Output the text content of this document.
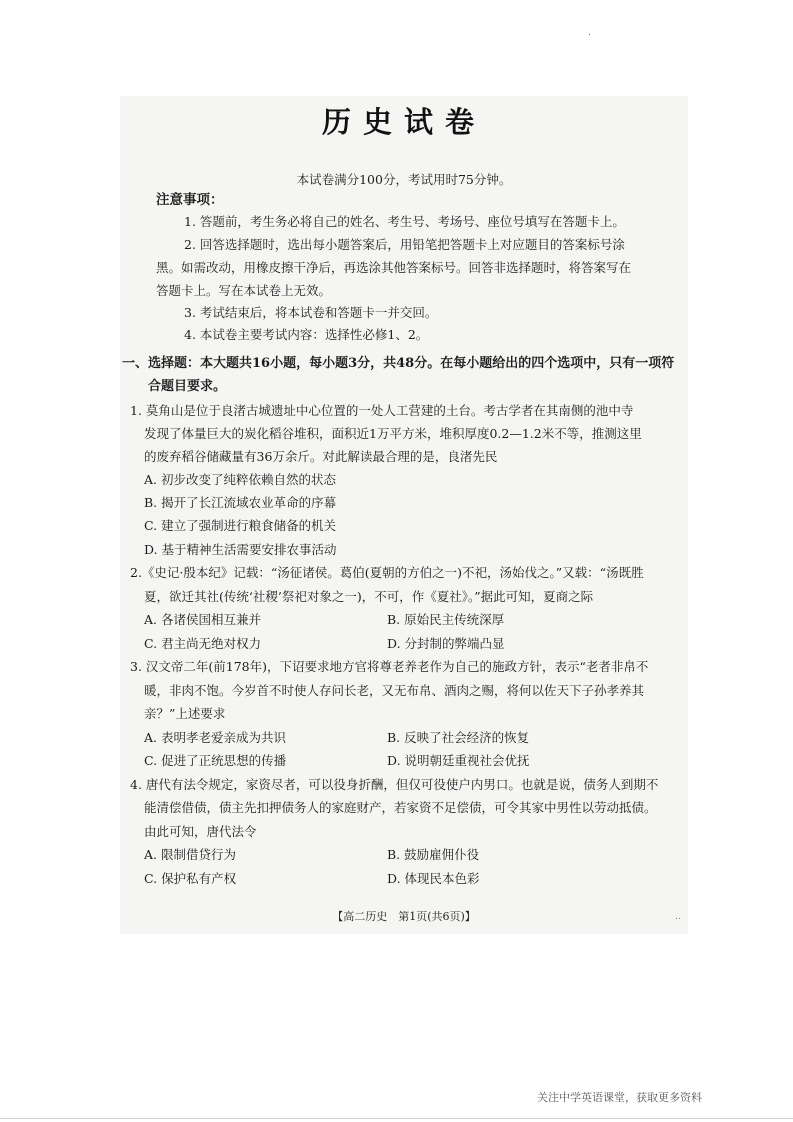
.
历史试卷
本试卷满分100分，考试用时75分钟。
注意事项：
1. 答题前，考生务必将自己的姓名、考生号、考场号、座位号填写在答题卡上。
2. 回答选择题时，选出每小题答案后，用铅笔把答题卡上对应题目的答案标号涂
黑。如需改动，用橡皮擦干净后，再选涂其他答案标号。回答非选择题时，将答案写在
答题卡上。写在本试卷上无效。
3. 考试结束后，将本试卷和答题卡一并交回。
4. 本试卷主要考试内容：选择性必修1、2。
一、选择题：本大题共16小题，每小题3分，共48分。在每小题给出的四个选项中，只有一项符
合题目要求。
1. 莫角山是位于良渚古城遗址中心位置的一处人工营建的土台。考古学者在其南侧的池中寺
发现了体量巨大的炭化稻谷堆积，面积近1万平方米，堆积厚度0.2—1.2米不等，推测这里
的废弃稻谷储藏量有36万余斤。对此解读最合理的是，良渚先民
A. 初步改变了纯粹依赖自然的状态
B. 揭开了长江流域农业革命的序幕
C. 建立了强制进行粮食储备的机关
D. 基于精神生活需要安排农事活动
2.《史记·殷本纪》记载：“汤征诸侯。葛伯(夏朝的方伯之一)不祀，汤始伐之。”又载：“汤既胜
夏，欲迁其社(传统‘社稷’祭祀对象之一)，不可，作《夏社》。”据此可知，夏商之际
A. 各诸侯国相互兼并	B. 原始民主传统深厚
C. 君主尚无绝对权力	D. 分封制的弊端凸显
3. 汉文帝二年(前178年)，下诏要求地方官将尊老养老作为自己的施政方针，表示“老者非帛不
暖，非肉不饱。今岁首不时使人存问长老，又无布帛、酒肉之赐，将何以佐天下子孙孝养其
亲？”上述要求
A. 表明孝老爱亲成为共识	B. 反映了社会经济的恢复
C. 促进了正统思想的传播	D. 说明朝廷重视社会优抚
4. 唐代有法令规定，家资尽者，可以役身折酬，但仅可役使户内男口。也就是说，债务人到期不
能清偿借债，债主先扣押债务人的家庭财产，若家资不足偿债，可令其家中男性以劳动抵债。
由此可知，唐代法令
A. 限制借贷行为	B. 鼓励雇佣仆役
C. 保护私有产权	D. 体现民本色彩
【高二历史　第1页(共6页)】	..
关注中学英语课堂，获取更多资料
